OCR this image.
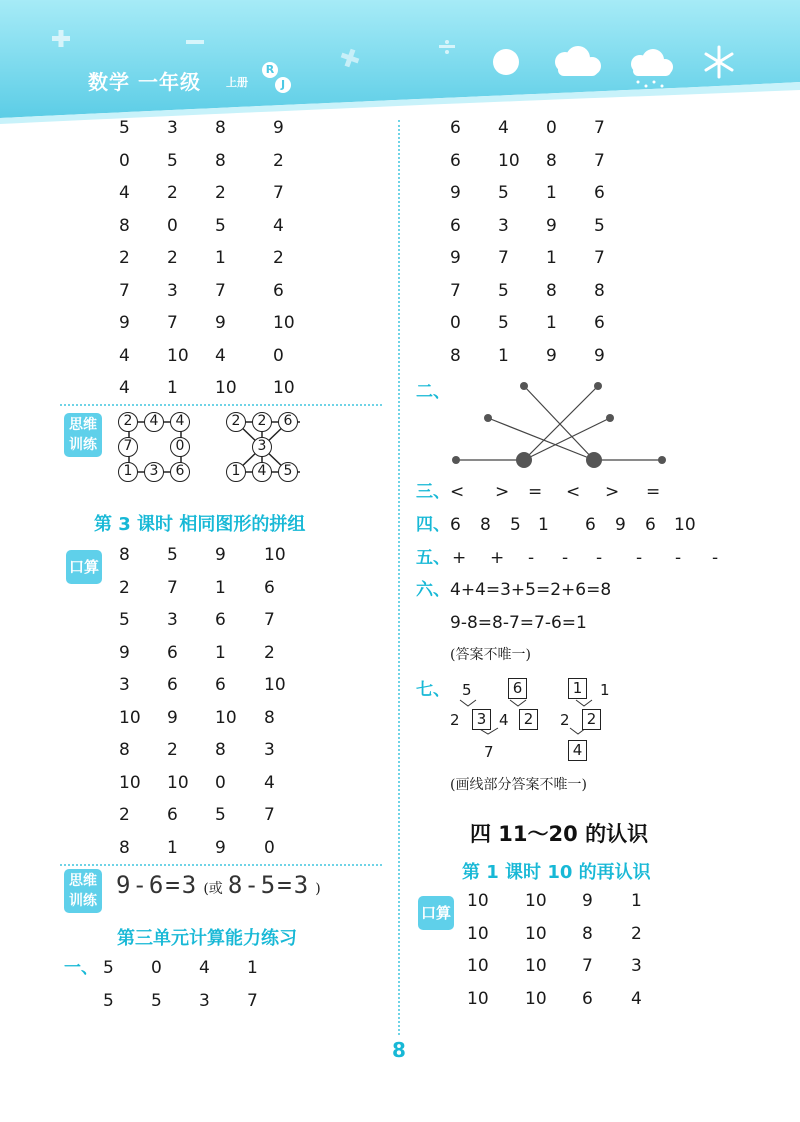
数学 一年级 上册
R
J
5 3 8	9
0 5 8	2
4 2 2	7
8 0 5	4
2 2 1	2
7 3 7	6
9 7 9	10
4 10 4	0
4 1 10 10
思维训练
2	4	4
7	0
1	3	6
2	2	6
3
1	4	5
第 3 课时 相同图形的拼组
口算
8 5 9 10
2 7 1 6
5 3 6 7
9 6 1 2
3 6 6 10
10 9 10 8
8 2 8 3
10 10 0 4
2 6 5 7
8 1 9 0
思维训练
9-6=3 (或 8-5=3 )
第三单元计算能力练习
一、 5 0 4 1
5 5 3 7
6 4 0 7
6 10 8 7
9 5 1 6
6 3 9 5
9 7 1 7
7 5 8 8
0 5 1 6
8 1 9 9
二、
三、 < > = < > =
四、 6 8 5 1 6 9 6 10
五、 + + - - - - - -
六、 4+4=3+5=2+6=8
9-8=8-7=7-6=1
(答案不唯一)
七、 5	6
2	3 4	2
7
1	1
2	2
4
(画线部分答案不唯一)
四 11～20 的认识
第 1 课时 10 的再认识
口算
10 10 9 1
10 10 8 2
10 10 7 3
10 10 6 4
8
